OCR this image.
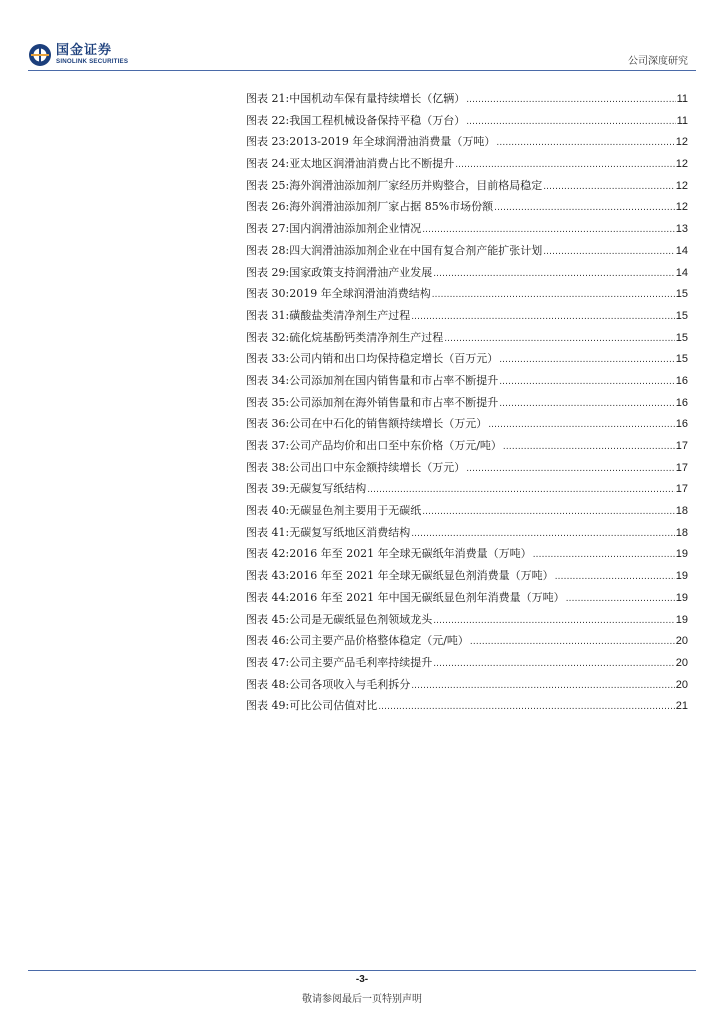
国金证券
SINOLINK SECURITIES	公司深度研究
图表 21: 中国机动车保有量持续增长（亿辆） .....	11
图表 22: 我国工程机械设备保持平稳（万台） .....	11
图表 23: 2013-2019 年全球润滑油消费量（万吨） .....	12
图表 24: 亚太地区润滑油消费占比不断提升 .....	12
图表 25: 海外润滑油添加剂厂家经历并购整合，目前格局稳定 .....	12
图表 26: 海外润滑油添加剂厂家占据 85%市场份额 .....	12
图表 27: 国内润滑油添加剂企业情况 .....	13
图表 28: 四大润滑油添加剂企业在中国有复合剂产能扩张计划 .....	14
图表 29: 国家政策支持润滑油产业发展 .....	14
图表 30: 2019 年全球润滑油消费结构 .....	15
图表 31: 磺酸盐类清净剂生产过程 .....	15
图表 32: 硫化烷基酚钙类清净剂生产过程 .....	15
图表 33: 公司内销和出口均保持稳定增长（百万元） .....	15
图表 34: 公司添加剂在国内销售量和市占率不断提升 .....	16
图表 35: 公司添加剂在海外销售量和市占率不断提升 .....	16
图表 36: 公司在中石化的销售额持续增长（万元） .....	16
图表 37: 公司产品均价和出口至中东价格（万元/吨） .....	17
图表 38: 公司出口中东金额持续增长（万元） .....	17
图表 39: 无碳复写纸结构 .....	17
图表 40: 无碳显色剂主要用于无碳纸 .....	18
图表 41: 无碳复写纸地区消费结构 .....	18
图表 42: 2016 年至 2021 年全球无碳纸年消费量（万吨） .....	19
图表 43: 2016 年至 2021 年全球无碳纸显色剂消费量（万吨） .....	19
图表 44: 2016 年至 2021 年中国无碳纸显色剂年消费量（万吨） .....	19
图表 45: 公司是无碳纸显色剂领域龙头 .....	19
图表 46: 公司主要产品价格整体稳定（元/吨） .....	20
图表 47: 公司主要产品毛利率持续提升 .....	20
图表 48: 公司各项收入与毛利拆分 .....	20
图表 49: 可比公司估值对比 .....	21
-3-
敬请参阅最后一页特别声明
